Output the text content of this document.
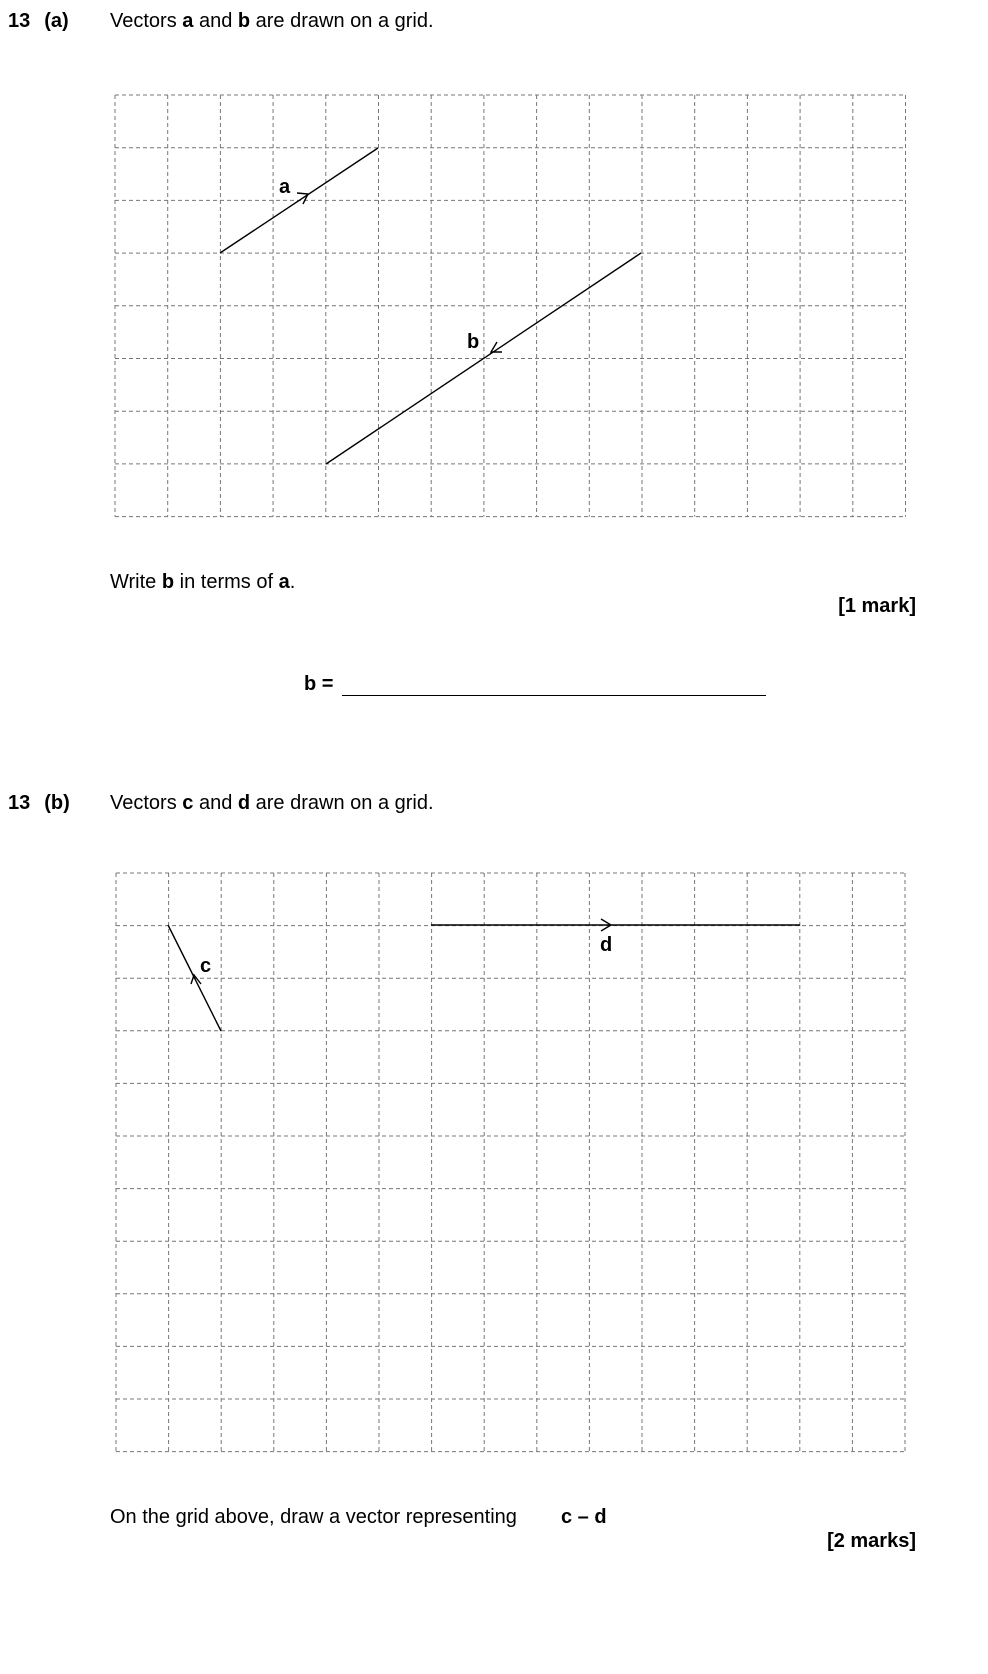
13 (a) Vectors a and b are drawn on a grid.
a
b
Write b in terms of a.
[1 mark]
b =
13 (b) Vectors c and d are drawn on a grid.
c
d
On the grid above, draw a vector representing c – d
[2 marks]
